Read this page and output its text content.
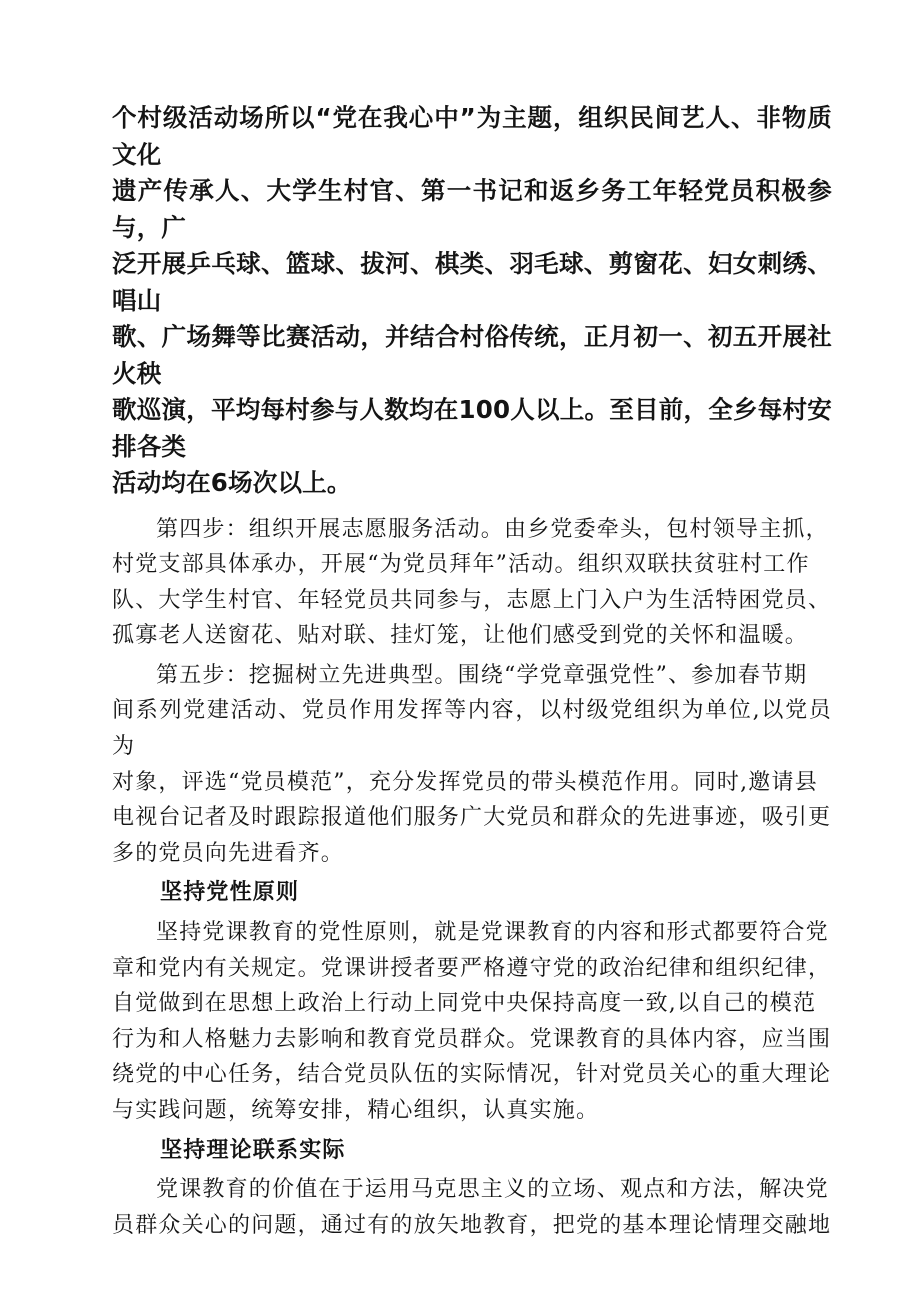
个村级活动场所以“党在我心中”为主题，组织民间艺人、非物质文化
遗产传承人、大学生村官、第一书记和返乡务工年轻党员积极参与，广
泛开展乒乓球、篮球、拔河、棋类、羽毛球、剪窗花、妇女刺绣、唱山
歌、广场舞等比赛活动，并结合村俗传统，正月初一、初五开展社火秧
歌巡演，平均每村参与人数均在100人以上。至目前，全乡每村安排各类
活动均在6场次以上。

第四步：组织开展志愿服务活动。由乡党委牵头，包村领导主抓，
村党支部具体承办，开展“为党员拜年”活动。组织双联扶贫驻村工作
队、大学生村官、年轻党员共同参与，志愿上门入户为生活特困党员、
孤寡老人送窗花、贴对联、挂灯笼，让他们感受到党的关怀和温暖。

第五步：挖掘树立先进典型。围绕“学党章强党性”、参加春节期
间系列党建活动、党员作用发挥等内容，以村级党组织为单位,以党员为
对象，评选“党员模范”，充分发挥党员的带头模范作用。同时,邀请县
电视台记者及时跟踪报道他们服务广大党员和群众的先进事迹，吸引更
多的党员向先进看齐。

坚持党性原则

坚持党课教育的党性原则，就是党课教育的内容和形式都要符合党
章和党内有关规定。党课讲授者要严格遵守党的政治纪律和组织纪律，
自觉做到在思想上政治上行动上同党中央保持高度一致,以自己的模范
行为和人格魅力去影响和教育党员群众。党课教育的具体内容，应当围
绕党的中心任务，结合党员队伍的实际情况，针对党员关心的重大理论
与实践问题，统筹安排，精心组织，认真实施。

坚持理论联系实际

党课教育的价值在于运用马克思主义的立场、观点和方法，解决党
员群众关心的问题，通过有的放矢地教育，把党的基本理论情理交融地
